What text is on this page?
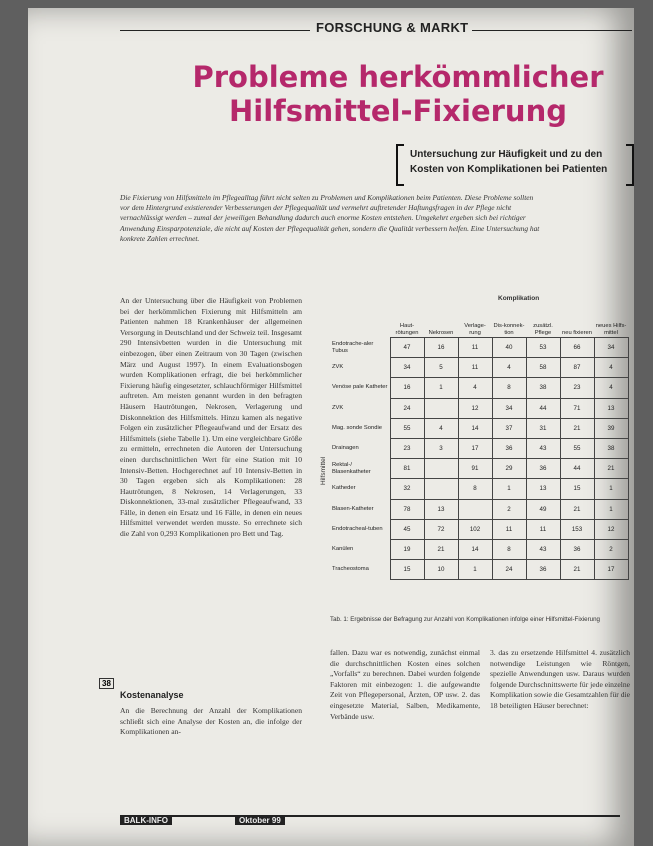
FORSCHUNG & MARKT
Probleme herkömmlicher
Hilfsmittel-Fixierung
Untersuchung zur Häufigkeit und zu den Kosten von Komplikationen bei Patienten
Die Fixierung von Hilfsmitteln im Pflegealltag führt nicht selten zu Problemen und Komplikationen beim Patienten. Diese Probleme sollten vor dem Hintergrund existierender Verbesserungen der Pflegequalität und vermehrt auftretender Haftungsfragen in der Pflege nicht vernachlässigt werden – zumal der jeweiligen Behandlung dadurch auch enorme Kosten entstehen. Umgekehrt ergeben sich bei richtiger Anwendung Einsparpotenziale, die nicht auf Kosten der Pflegequalität gehen, sondern die Qualität verbessern helfen. Eine Untersuchung hat konkrete Zahlen errechnet.

An der Untersuchung über die Häufigkeit von Problemen bei der herkömmlichen Fixierung mit Hilfsmitteln am Patienten nahmen 18 Krankenhäuser der allgemeinen Versorgung in Deutschland und der Schweiz teil. Insgesamt 290 Intensivbetten wurden in die Untersuchung mit einbezogen, über einen Zeitraum von 30 Tagen (zwischen März und August 1997). In einem Evaluationsbogen wurden Komplikationen erfragt, die bei herkömmlicher Fixierung häufig eingesetzter, schlauchförmiger Hilfsmittel auftreten. Am meisten genannt wurden in den befragten Häusern Hautrötungen, Nekrosen, Verlagerung und Diskonnektion des Hilfsmittels. Hinzu kamen als negative Folgen ein zusätzlicher Pflegeaufwand und der Ersatz des Hilfsmittels (siehe Tabelle 1). Um eine vergleichbare Größe zu ermitteln, errechneten die Autoren der Untersuchung einen durchschnittlichen Wert für eine Station mit 10 Intensiv-Betten. Hochgerechnet auf 10 Intensiv-Betten in 30 Tagen ergeben sich als Komplikationen: 28 Hautrötungen, 8 Nekrosen, 14 Verlagerungen, 33 Diskonnektionen, 33-mal zusätzlicher Pflegeaufwand, 33 Fälle, in denen ein Ersatz und 16 Fälle, in denen ein neues Hilfsmittel verwendet werden musste. So errechnete sich die Zahl von 0,293 Komplikationen pro Bett und Tag.

38
Kostenanalyse

An die Berechnung der Anzahl der Komplikationen schließt sich eine Analyse der Kosten an, die infolge der Komplikationen an-

fallen. Dazu war es notwendig, zunächst einmal die durchschnittlichen Kosten eines solchen „Vorfalls“ zu berechnen. Dabei wurden folgende Faktoren mit einbezogen: 1. die aufgewandte Zeit von Pflegepersonal, Ärzten, OP usw. 2. das eingesetzte Material, Salben, Medikamente, Verbände usw.

3. das zu ersetzende Hilfsmittel 4. zusätzlich notwendige Leistungen wie Röntgen, spezielle Anwendungen usw. Daraus wurden folgende Durchschnittswerte für jede einzelne Komplikation sowie die Gesamtzahlen für die 18 beteiligten Häuser berechnet:

Komplikation
Hilfsmittel
	Haut-rötungen	Nekrosen	Verlage-rung	Dis-konnek-tion	zusätzl. Pflege	neu fixieren	neues Hilfs-mittel
Endotrache-aler Tubus	47	16	11	40	53	66	34
ZVK	34	5	11	4	58	87	4
Venöse pale Katheter	16	1	4	8	38	23	4
ZVK	24		12	34	44	71	13
Mag. sonde Sondie	55	4	14	37	31	21	39
Drainagen	23	3	17	36	43	55	38
Rektal-/ Blasenkatheter	81		91	29	36	44	21
Katheder	32		8	1	13	15	1
Blasen-Katheter	78	13		2	49	21	1
Endotracheal-tuben	45	72	102	11	11	153	12
Kanülen	19	21	14	8	43	36	2
Tracheostoma	15	10	1	24	36	21	17
Tab. 1: Ergebnisse der Befragung zur Anzahl von Komplikationen infolge einer Hilfsmittel-Fixierung
BALK-INFO	Oktober 99
